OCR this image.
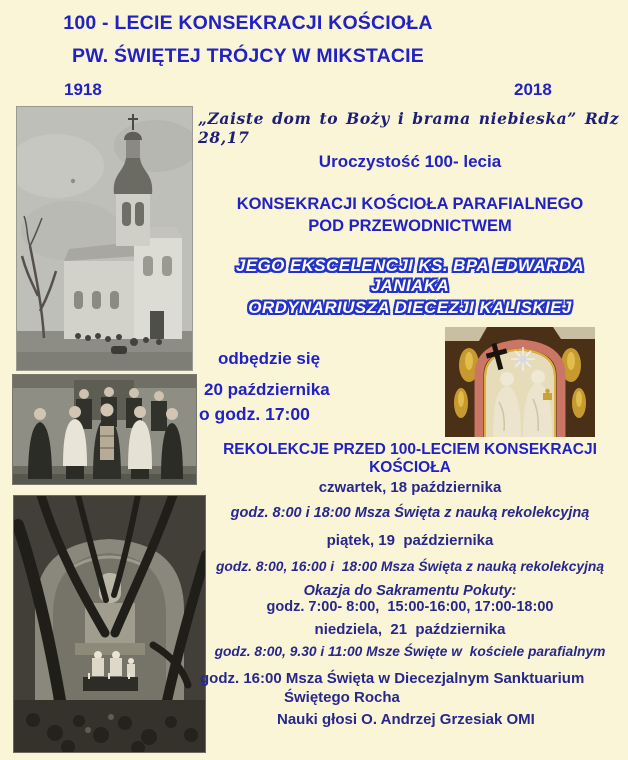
100 - LECIE KONSEKRACJI KOŚCIOŁA
PW. ŚWIĘTEJ TRÓJCY W MIKSTACIE
1918	2018
„Zaiste dom to Boży i brama niebieska” Rdz 28,17
Uroczystość 100- lecia
KONSEKRACJI KOŚCIOŁA PARAFIALNEGO
POD PRZEWODNICTWEM
JEGO EKSCELENCJI KS. BPA EDWARDA JANIAKA
ORDYNARIUSZA DIECEZJI KALISKIEJ
odbędzie się
20 października
o godz. 17:00
REKOLEKCJE PRZED 100-LECIEM KONSEKRACJI KOŚCIOŁA
czwartek, 18 października
godz. 8:00 i 18:00 Msza Święta z nauką rekolekcyjną
piątek, 19  października
godz. 8:00, 16:00 i  18:00 Msza Święta z nauką rekolekcyjną
Okazja do Sakramentu Pokuty:
godz. 7:00- 8:00,  15:00-16:00, 17:00-18:00
niedziela,  21  października
godz. 8:00, 9.30 i 11:00 Msze Święte w  kościele parafialnym
godz. 16:00 Msza Święta w Diecezjalnym Sanktuarium
Świętego Rocha
Nauki głosi O. Andrzej Grzesiak OMI
